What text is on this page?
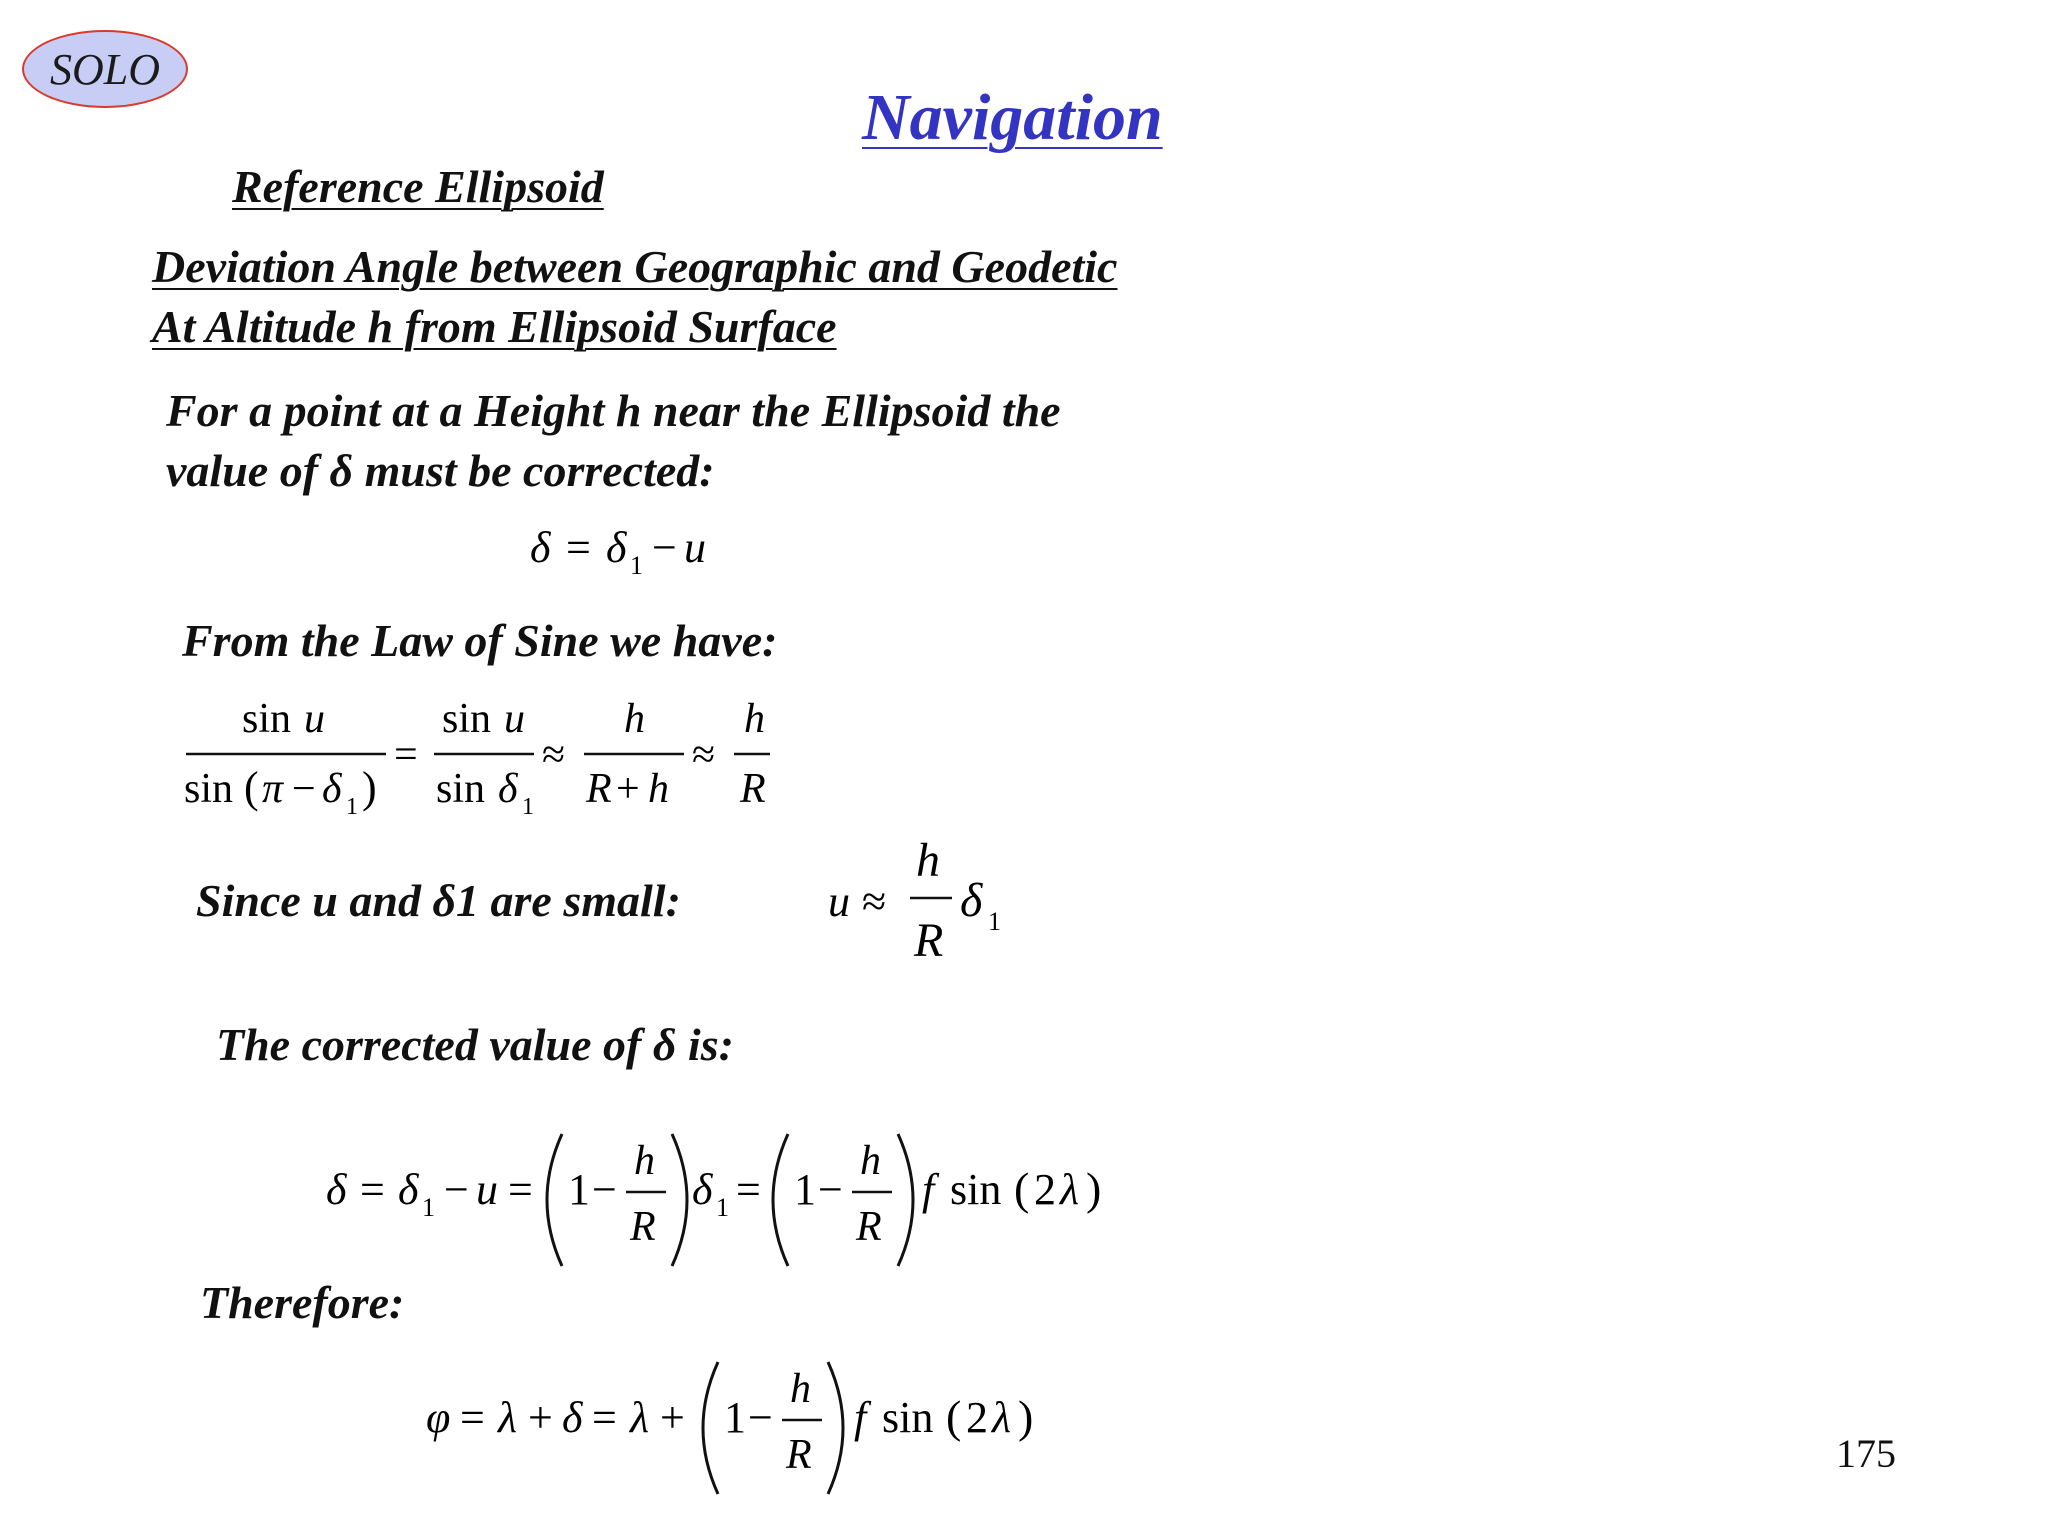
SOLO
Navigation
Reference Ellipsoid
Deviation Angle between Geographic and Geodetic
At Altitude h from Ellipsoid Surface
For a point at a Height h near the Ellipsoid the
value of δ must be corrected:
δ = δ 1 − u
From the Law of Sine we have:
sin u
sin ( π − δ 1 )
=
sin u
sin δ 1
≈
h
R + h
≈
h
R
Since u and δ1 are small:	u ≈
h
R
δ 1
The corrected value of δ is:
δ = δ 1 − u = 1 −
h
R
δ 1 = 1 −
h
R
f sin ( 2 λ )
Therefore:
φ = λ + δ = λ + 1 −
h
R
f sin ( 2 λ )
175
